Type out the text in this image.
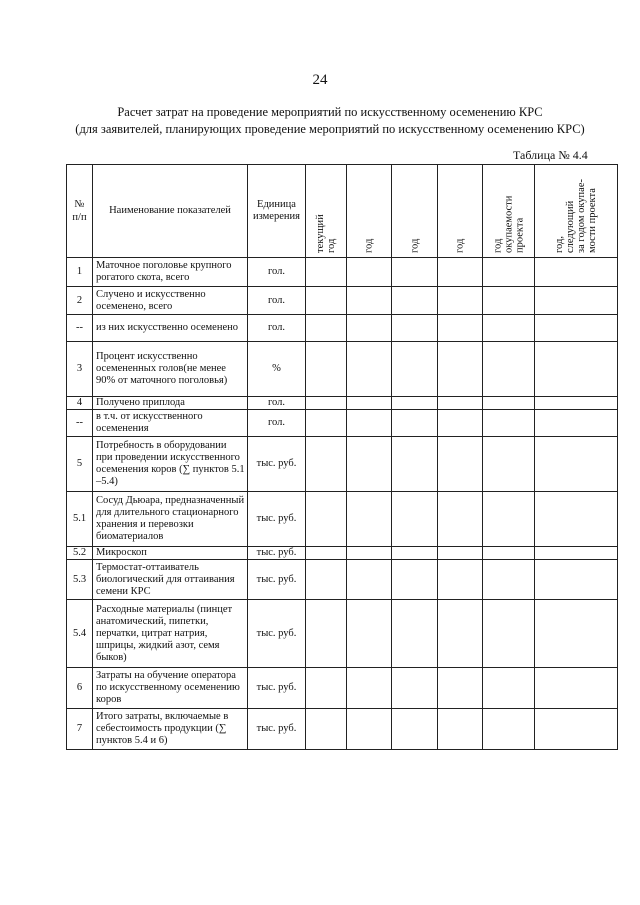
24
Расчет затрат на проведение мероприятий по искусственному осеменению КРС
(для заявителей, планирующих проведение мероприятий по искусственному осеменению КРС)
Таблица № 4.4
№ п/п	Наименование показателей	Единица измерения	текущий год	год	год	год	год окупаемости проекта	год, следующий за годом окупае- мости проекта

1	Маточное поголовье крупного рогатого скота, всего	гол.						
2	Случено и искусственно осеменено, всего	гол.						
--	из них искусственно осеменено	гол.						
3	Процент искусственно осемененных голов(не менее 90% от маточного поголовья)	%						
4	Получено приплода	гол.						
--	в т.ч. от искусственного осеменения	гол.						
5	Потребность в оборудовании при проведении искусственного осеменения коров (∑ пунктов 5.1 –5.4)	тыс. руб.						
5.1	Сосуд Дьюара, предназначенный для длительного стационарного хранения и перевозки биоматериалов	тыс. руб.						
5.2	Микроскоп	тыс. руб.						
5.3	Термостат-оттаиватель биологический для оттаивания семени КРС	тыс. руб.						
5.4	Расходные материалы (пинцет анатомический, пипетки, перчатки, цитрат натрия, шприцы, жидкий азот, семя быков)	тыс. руб.						
6	Затраты на обучение оператора по искусственному осеменению коров	тыс. руб.						
7	Итого затраты, включаемые в себестоимость продукции (∑ пунктов 5.4 и 6)	тыс. руб.						
